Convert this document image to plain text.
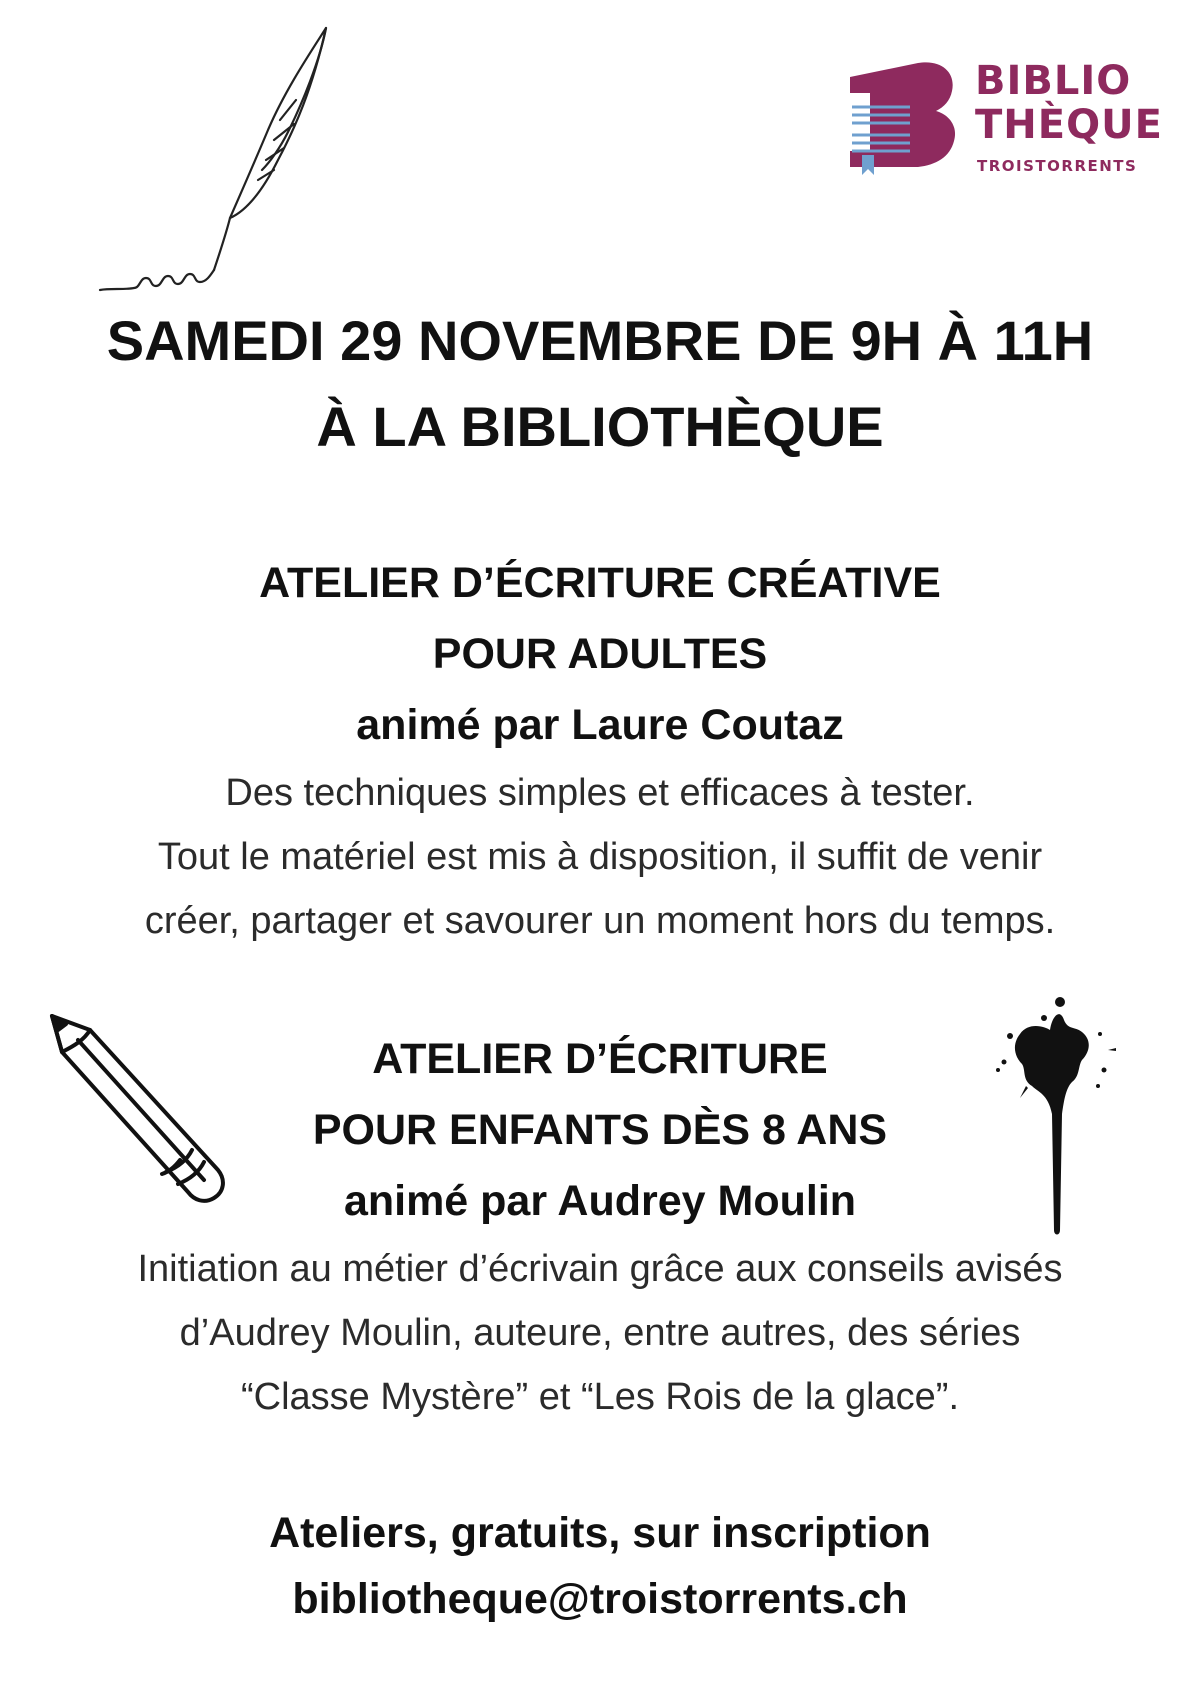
BIBLIO
THÈQUE
TROISTORRENTS
SAMEDI 29 NOVEMBRE DE 9H À 11H
À LA BIBLIOTHÈQUE
ATELIER D’ÉCRITURE CRÉATIVE
POUR ADULTES
animé par Laure Coutaz
Des techniques simples et efficaces à tester.
Tout le matériel est mis à disposition, il suffit de venir
créer, partager et savourer un moment hors du temps.
ATELIER D’ÉCRITURE
POUR ENFANTS DÈS 8 ANS
animé par Audrey Moulin
Initiation au métier d’écrivain grâce aux conseils avisés
d’Audrey Moulin, auteure, entre autres, des séries
“Classe Mystère” et “Les Rois de la glace”.
Ateliers, gratuits, sur inscription
bibliotheque@troistorrents.ch
